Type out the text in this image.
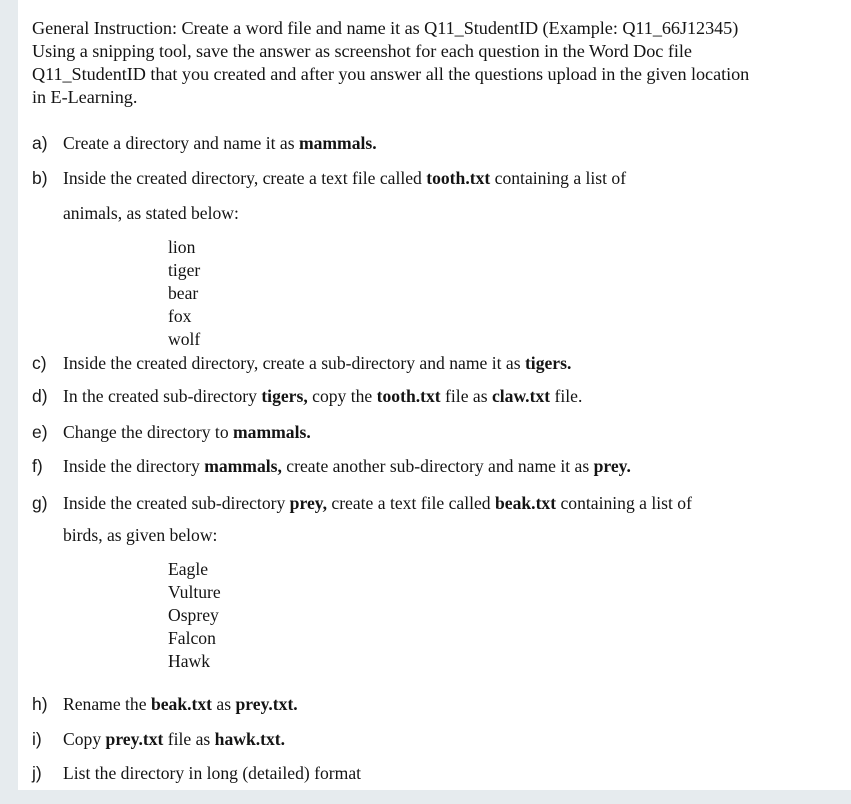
General Instruction: Create a word file and name it as Q11_StudentID (Example: Q11_66J12345)
Using a snipping tool, save the answer as screenshot for each question in the Word Doc file
Q11_StudentID that you created and after you answer all the questions upload in the given location
in E-Learning.
a) Create a directory and name it as mammals.
b) Inside the created directory, create a text file called tooth.txt containing a list of
animals, as stated below:
lion
tiger
bear
fox
wolf
c) Inside the created directory, create a sub-directory and name it as tigers.
d) In the created sub-directory tigers, copy the tooth.txt file as claw.txt file.
e) Change the directory to mammals.
f)	Inside the directory mammals, create another sub-directory and name it as prey.
g) Inside the created sub-directory prey, create a text file called beak.txt containing a list of
birds, as given below:
Eagle
Vulture
Osprey
Falcon
Hawk
h) Rename the beak.txt as prey.txt.
i)	Copy prey.txt file as hawk.txt.
j)	List the directory in long (detailed) format
